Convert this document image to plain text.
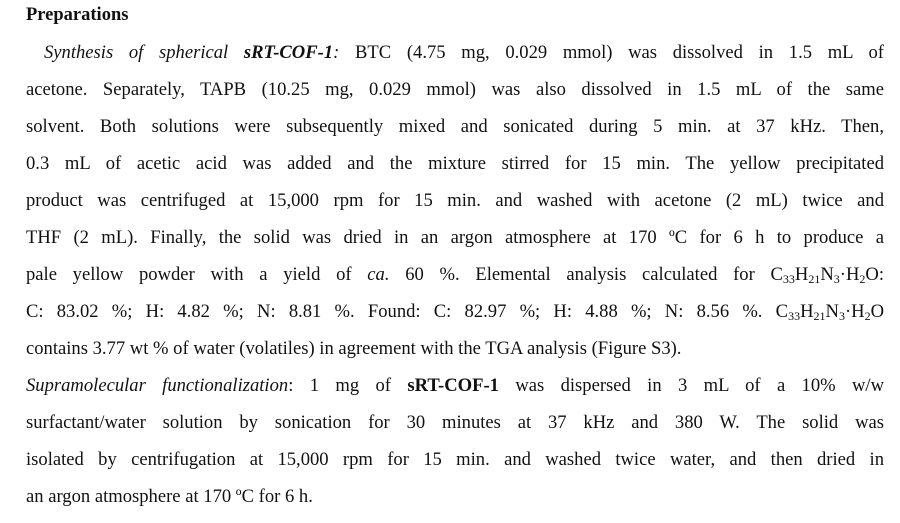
Preparations
Synthesis of spherical sRT-COF-1: BTC (4.75 mg, 0.029 mmol) was dissolved in 1.5 mL of
acetone. Separately, TAPB (10.25 mg, 0.029 mmol) was also dissolved in 1.5 mL of the same
solvent. Both solutions were subsequently mixed and sonicated during 5 min. at 37 kHz. Then,
0.3 mL of acetic acid was added and the mixture stirred for 15 min. The yellow precipitated
product was centrifuged at 15,000 rpm for 15 min. and washed with acetone (2 mL) twice and
THF (2 mL). Finally, the solid was dried in an argon atmosphere at 170 ºC for 6 h to produce a
pale yellow powder with a yield of ca. 60 %. Elemental analysis calculated for $C_{33}H_{21}N_3\cdot H_2O$:
C: 83.02 %; H: 4.82 %; N: 8.81 %. Found: C: 82.97 %; H: 4.88 %; N: 8.56 %. $C_{33}H_{21}N_3\cdot H_2O$
contains 3.77 wt % of water (volatiles) in agreement with the TGA analysis (Figure S3).
Supramolecular functionalization: 1 mg of sRT-COF-1 was dispersed in 3 mL of a 10% w/w
surfactant/water solution by sonication for 30 minutes at 37 kHz and 380 W. The solid was
isolated by centrifugation at 15,000 rpm for 15 min. and washed twice water, and then dried in
an argon atmosphere at 170 ºC for 6 h.
